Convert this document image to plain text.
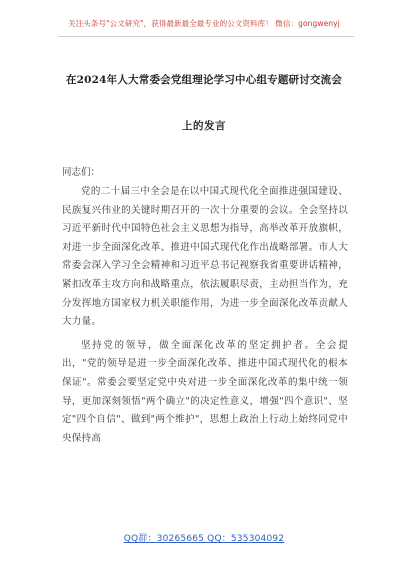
关注头条号"公文研究"，获得最新最全最专业的公文资料库！ 微信：gongwenyj
在2024年人大常委会党组理论学习中心组专题研讨交流会
上的发言
同志们：

党的二十届三中全会是在以中国式现代化全面推进强国建设、民族复兴伟业的关键时期召开的一次十分重要的会议。全会坚持以习近平新时代中国特色社会主义思想为指导，高举改革开放旗帜，对进一步全面深化改革、推进中国式现代化作出战略部署。市人大常委会深入学习全会精神和习近平总书记视察我省重要讲话精神，紧扣改革主攻方向和战略重点，依法履职尽责，主动担当作为，充分发挥地方国家权力机关职能作用，为进一步全面深化改革贡献人大力量。

坚持党的领导，做全面深化改革的坚定拥护者。全会提出，"党的领导是进一步全面深化改革、推进中国式现代化的根本保证"。常委会要坚定党中央对进一步全面深化改革的集中统一领导，更加深刻领悟"两个确立"的决定性意义，增强"四个意识"、坚定"四个自信"、做到"两个维护"，思想上政治上行动上始终同党中央保持高

QQ群：30265665 QQ：535304092
